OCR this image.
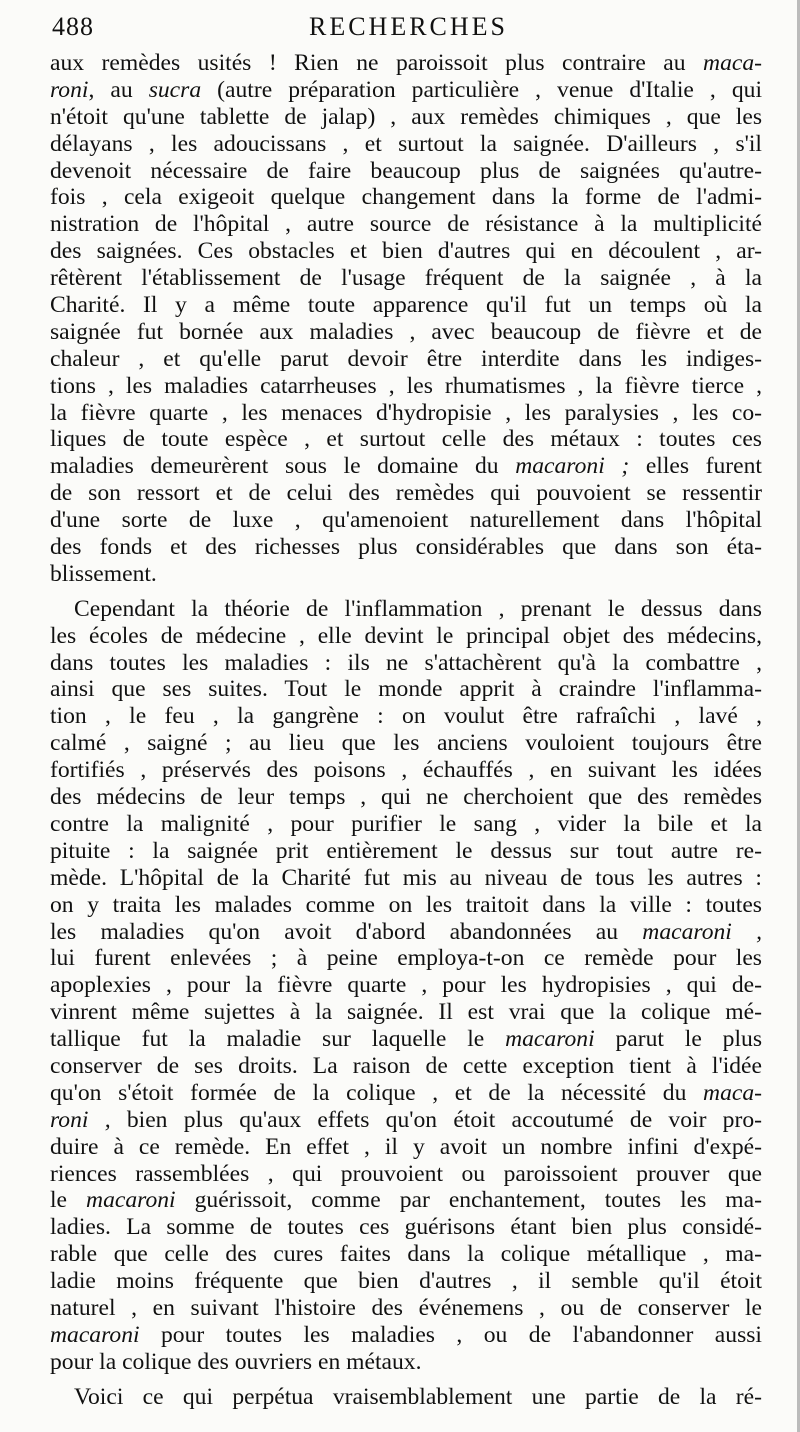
488	RECHERCHES
aux remèdes usités ! Rien ne paroissoit plus contraire au maca-
roni, au sucra (autre préparation particulière , venue d'Italie , qui
n'étoit qu'une tablette de jalap) , aux remèdes chimiques , que les
délayans , les adoucissans , et surtout la saignée. D'ailleurs , s'il
devenoit nécessaire de faire beaucoup plus de saignées qu'autre-
fois , cela exigeoit quelque changement dans la forme de l'admi-
nistration de l'hôpital , autre source de résistance à la multiplicité
des saignées. Ces obstacles et bien d'autres qui en découlent , ar-
rêtèrent l'établissement de l'usage fréquent de la saignée , à la
Charité. Il y a même toute apparence qu'il fut un temps où la
saignée fut bornée aux maladies , avec beaucoup de fièvre et de
chaleur , et qu'elle parut devoir être interdite dans les indiges-
tions , les maladies catarrheuses , les rhumatismes , la fièvre tierce ,
la fièvre quarte , les menaces d'hydropisie , les paralysies , les co-
liques de toute espèce , et surtout celle des métaux : toutes ces
maladies demeurèrent sous le domaine du macaroni ; elles furent
de son ressort et de celui des remèdes qui pouvoient se ressentir
d'une sorte de luxe , qu'amenoient naturellement dans l'hôpital
des fonds et des richesses plus considérables que dans son éta-
blissement.
Cependant la théorie de l'inflammation , prenant le dessus dans
les écoles de médecine , elle devint le principal objet des médecins,
dans toutes les maladies : ils ne s'attachèrent qu'à la combattre ,
ainsi que ses suites. Tout le monde apprit à craindre l'inflamma-
tion , le feu , la gangrène : on voulut être rafraîchi , lavé ,
calmé , saigné ; au lieu que les anciens vouloient toujours être
fortifiés , préservés des poisons , échauffés , en suivant les idées
des médecins de leur temps , qui ne cherchoient que des remèdes
contre la malignité , pour purifier le sang , vider la bile et la
pituite : la saignée prit entièrement le dessus sur tout autre re-
mède. L'hôpital de la Charité fut mis au niveau de tous les autres :
on y traita les malades comme on les traitoit dans la ville : toutes
les maladies qu'on avoit d'abord abandonnées au macaroni ,
lui furent enlevées ; à peine employa-t-on ce remède pour les
apoplexies , pour la fièvre quarte , pour les hydropisies , qui de-
vinrent même sujettes à la saignée. Il est vrai que la colique mé-
tallique fut la maladie sur laquelle le macaroni parut le plus
conserver de ses droits. La raison de cette exception tient à l'idée
qu'on s'étoit formée de la colique , et de la nécessité du maca-
roni , bien plus qu'aux effets qu'on étoit accoutumé de voir pro-
duire à ce remède. En effet , il y avoit un nombre infini d'expé-
riences rassemblées , qui prouvoient ou paroissoient prouver que
le macaroni guérissoit, comme par enchantement, toutes les ma-
ladies. La somme de toutes ces guérisons étant bien plus considé-
rable que celle des cures faites dans la colique métallique , ma-
ladie moins fréquente que bien d'autres , il semble qu'il étoit
naturel , en suivant l'histoire des événemens , ou de conserver le
macaroni pour toutes les maladies , ou de l'abandonner aussi
pour la colique des ouvriers en métaux.
Voici ce qui perpétua vraisemblablement une partie de la ré-
